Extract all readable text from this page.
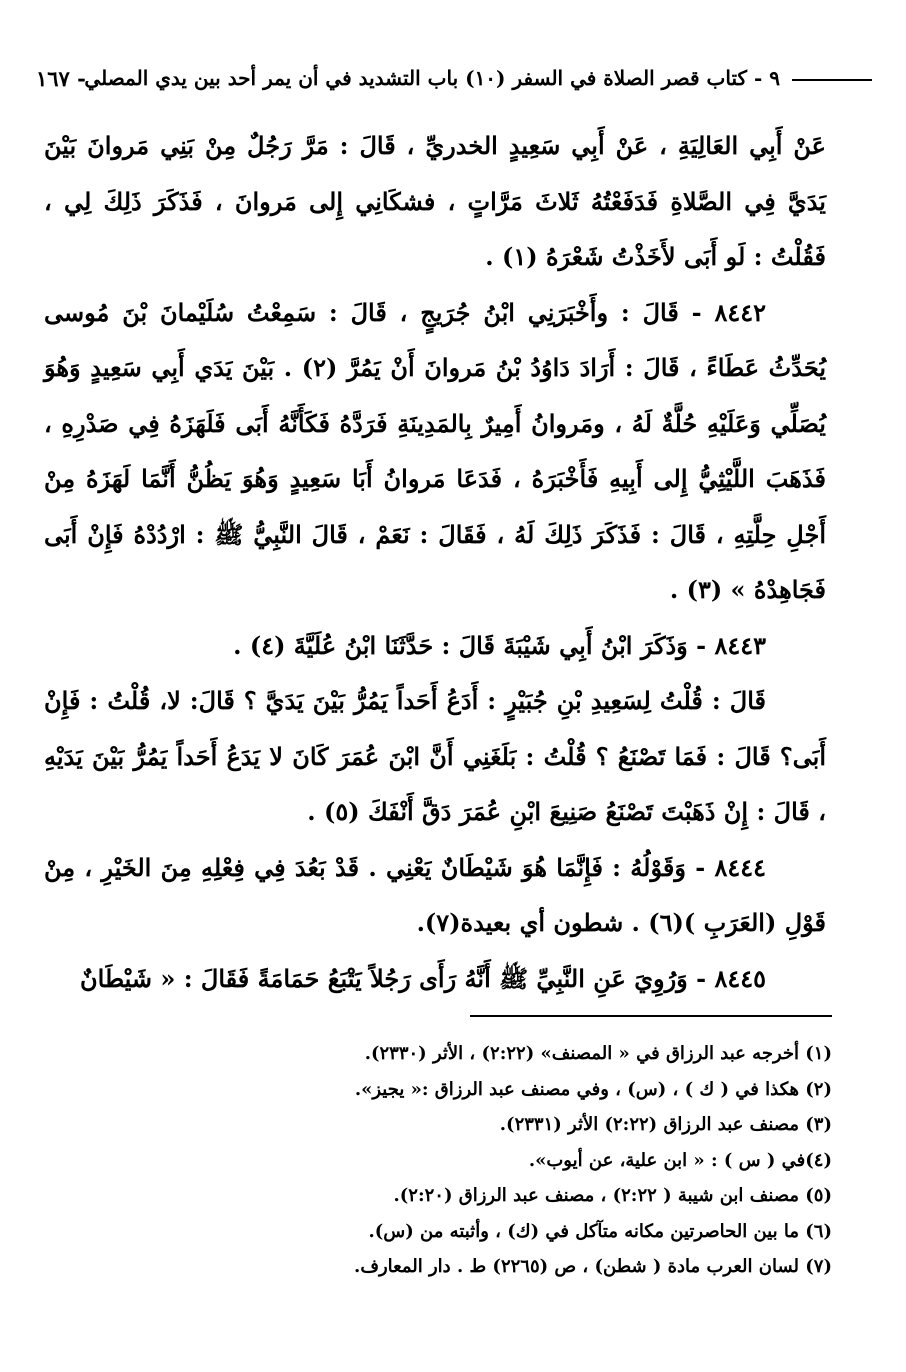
٩ - كتاب قصر الصلاة في السفر (١٠) باب التشديد في أن يمر أحد بين يدي المصلي
- ١٦٧

عَنْ أَبِي العَالِيَةِ ، عَنْ أَبِي سَعِيدٍ الخدريِّ ، قَالَ : مَرَّ رَجُلٌ مِنْ بَنِي مَروانَ بَيْنَ يَدَيَّ فِي الصَّلاةِ فَدَفَعْتُهُ ثَلاثَ مَرَّاتٍ ، فشكَانِي إِلى مَروانَ ، فَذَكَرَ ذَلِكَ لِي ، فَقُلْتُ : لَو أَبَى لأَخَذْتُ شَعْرَهُ (١) .

٨٤٤٢ - قَالَ : وأَخْبَرَنِي ابْنُ جُرَيجٍ ، قَالَ : سَمِعْتُ سُلَيْمانَ بْنَ مُوسى يُحَدِّثُ عَطَاءً ، قَالَ : أَرَادَ دَاوُدُ بْنُ مَروانَ أَنْ يَمُرَّ (٢) . بَيْنَ يَدَي أَبِي سَعِيدٍ وَهُوَ يُصَلِّي وَعَلَيْهِ حُلَّةٌ لَهُ ، ومَروانُ أَمِيرٌ بِالمَدِينَةِ فَرَدَّهُ فَكَأَنَّهُ أَبَى فَلَهَزَهُ فِي صَدْرِهِ ، فَذَهَبَ اللَّيْثِيُّ إِلى أَبِيهِ فَأَخْبَرَهُ ، فَدَعَا مَروانُ أَبَا سَعِيدٍ وَهُوَ يَظُنُّ أَنَّمَا لَهَزَهُ مِنْ أَجْلِ حِلَّتِهِ ، قَالَ : فَذَكَرَ ذَلِكَ لَهُ ، فَقَالَ : نَعَمْ ، قَالَ النَّبِيُّ ﷺ : ارْدُدْهُ فَإِنْ أَبَى فَجَاهِدْهُ » (٣) .

٨٤٤٣ - وَذَكَرَ ابْنُ أَبِي شَيْبَةَ قَالَ : حَدَّثَنَا ابْنُ عُلَيَّةَ (٤) .

قَالَ : قُلْتُ لِسَعِيدِ بْنِ جُبَيْرٍ : أَدَعُ أَحَداً يَمُرُّ بَيْنَ يَدَيَّ ؟ قَالَ: لا، قُلْتُ : فَإِنْ أَبَى؟ قَالَ : فَمَا تَصْنَعُ ؟ قُلْتُ : بَلَغَنِي أَنَّ ابْنَ عُمَرَ كَانَ لا يَدَعُ أَحَداً يَمُرُّ بَيْنَ يَدَيْهِ ، قَالَ : إِنْ ذَهَبْتَ تَصْنَعُ صَنِيعَ ابْنِ عُمَرَ دَقَّ أَنْفَكَ (٥) .

٨٤٤٤ - وَقَوْلُهُ : فَإِنَّمَا هُوَ شَيْطَانٌ يَعْنِي . قَدْ بَعُدَ فِي فِعْلِهِ مِنَ الخَيْرِ ، مِنْ قَوْلِ (العَرَبِ )(٦) . شطون أي بعيدة(٧).

٨٤٤٥ - وَرُوِيَ عَنِ النَّبِيِّ ﷺ أَنَّهُ رَأَى رَجُلاً يَتْبَعُ حَمَامَةً فَقَالَ : « شَيْطَانٌ

(١) أخرجه عبد الرزاق في « المصنف» (٢:٢٢) ، الأثر (٢٣٣٠).

(٢) هكذا في ( ك ) ، (س) ، وفي مصنف عبد الرزاق :« يجيز».

(٣) مصنف عبد الرزاق (٢:٢٢) الأثر (٢٣٣١).

(٤)في ( س ) : « ابن علية، عن أيوب».

(٥) مصنف ابن شيبة ( ٢:٢٢) ، مصنف عبد الرزاق (٢:٢٠).

(٦) ما بين الحاصرتين مكانه متآكل في (ك) ، وأثبته من (س).

(٧) لسان العرب مادة ( شطن) ، ص (٢٢٦٥) ط . دار المعارف.
